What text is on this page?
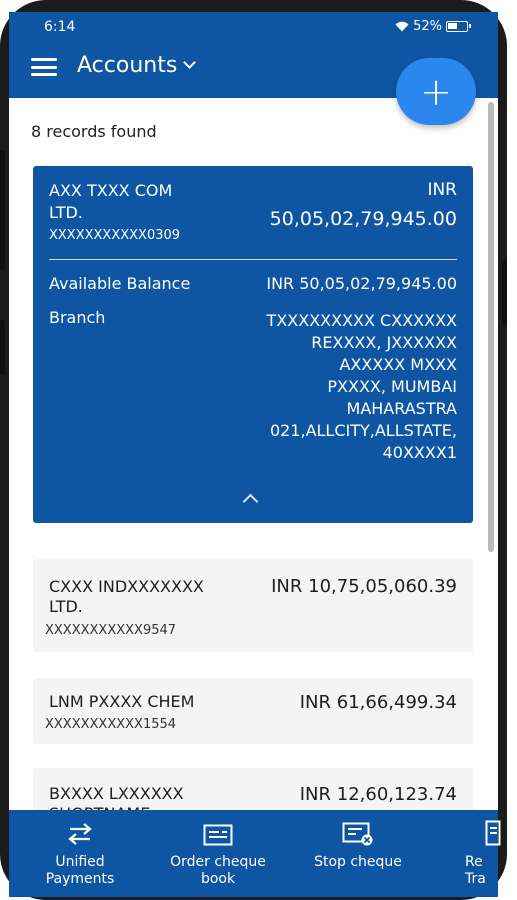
6:14	52%
Accounts
+
8 records found
AXX TXXX COM LTD.
XXXXXXXXXXX0309
INR
50,05,02,79,945.00
Available Balance	INR 50,05,02,79,945.00
Branch	TXXXXXXXXX CXXXXXX
REXXXX, JXXXXXX
AXXXXX MXXX
PXXXX, MUMBAI
MAHARASTRA
021,ALLCITY,ALLSTATE,
40XXXX1
CXXX INDXXXXXXX LTD.
XXXXXXXXXXX9547
INR 10,75,05,060.39
LNM PXXXX CHEM
XXXXXXXXXXX1554
INR 61,66,499.34
BXXXX LXXXXXX	INR 12,60,123.74
Unified
Payments
Order cheque
book
Stop cheque	Re
Tra
